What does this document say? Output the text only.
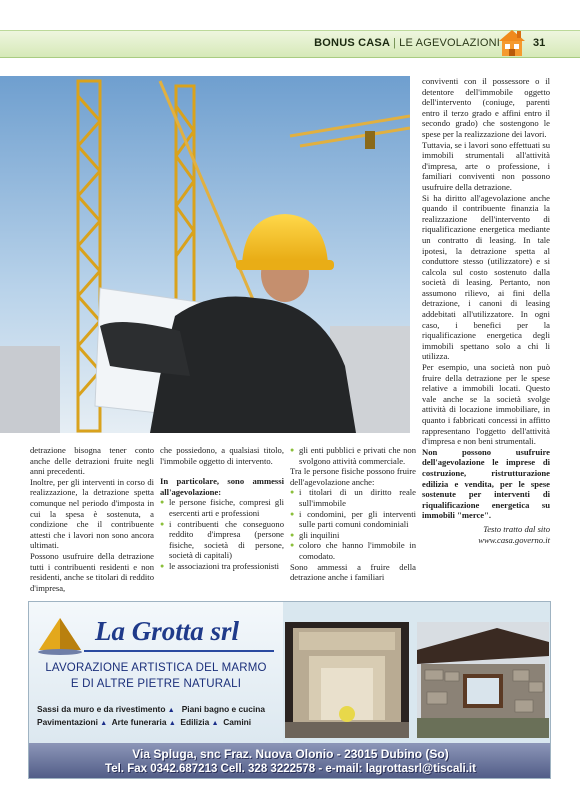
BONUS CASA | LE AGEVOLAZIONI	31

detrazione bisogna tener conto anche delle detrazioni fruite negli anni precedenti.

Inoltre, per gli interventi in corso di realizzazione, la detrazione spetta comunque nel periodo d'imposta in cui la spesa è sostenuta, a condizione che il contribuente attesti che i lavori non sono ancora ultimati.

Possono usufruire della detrazione tutti i contribuenti residenti e non residenti, anche se titolari di reddito d'impresa,

che possiedono, a qualsiasi titolo, l'immobile oggetto di intervento.

In particolare, sono ammessi all'agevolazione:

● le persone fisiche, compresi gli esercenti arti e professioni

● i contribuenti che conseguono reddito d'impresa (persone fisiche, società di persone, società di capitali)

● le associazioni tra professionisti

● gli enti pubblici e privati che non svolgono attività commerciale.

Tra le persone fisiche possono fruire dell'agevolazione anche:

● i titolari di un diritto reale sull'immobile

● i condomini, per gli interventi sulle parti comuni condominiali

● gli inquilini

● coloro che hanno l'immobile in comodato.

Sono ammessi a fruire della detrazione anche i familiari

conviventi con il possessore o il detentore dell'immobile oggetto dell'intervento (coniuge, parenti entro il terzo grado e affini entro il secondo grado) che sostengono le spese per la realizzazione dei lavori.

Tuttavia, se i lavori sono effettuati su immobili strumentali all'attività d'impresa, arte o professione, i familiari conviventi non possono usufruire della detrazione.

Si ha diritto all'agevolazione anche quando il contribuente finanzia la realizzazione dell'intervento di riqualificazione energetica mediante un contratto di leasing. In tale ipotesi, la detrazione spetta al conduttore stesso (utilizzatore) e si calcola sul costo sostenuto dalla società di leasing. Pertanto, non assumono rilievo, ai fini della detrazione, i canoni di leasing addebitati all'utilizzatore. In ogni caso, i benefici per la riqualificazione energetica degli immobili spettano solo a chi li utilizza.

Per esempio, una società non può fruire della detrazione per le spese relative a immobili locati. Questo vale anche se la società svolge attività di locazione immobiliare, in quanto i fabbricati concessi in affitto rappresentano l'oggetto dell'attività d'impresa e non beni strumentali.

Non possono usufruire dell'agevolazione le imprese di costruzione, ristrutturazione edilizia e vendita, per le spese sostenute per interventi di riqualificazione energetica su immobili "merce".

Testo tratto dal sito

www.casa.governo.it

La Grotta srl
LAVORAZIONE ARTISTICA DEL MARMO
E DI ALTRE PIETRE NATURALI
Sassi da muro e da rivestimento ▲ Piani bagno e cucina
Pavimentazioni ▲ Arte funeraria ▲ Edilizia ▲ Camini
Via Spluga, snc Fraz. Nuova Olonio - 23015 Dubino (So)
Tel. Fax 0342.687213 Cell. 328 3222578 - e-mail: lagrottasrl@tiscali.it
